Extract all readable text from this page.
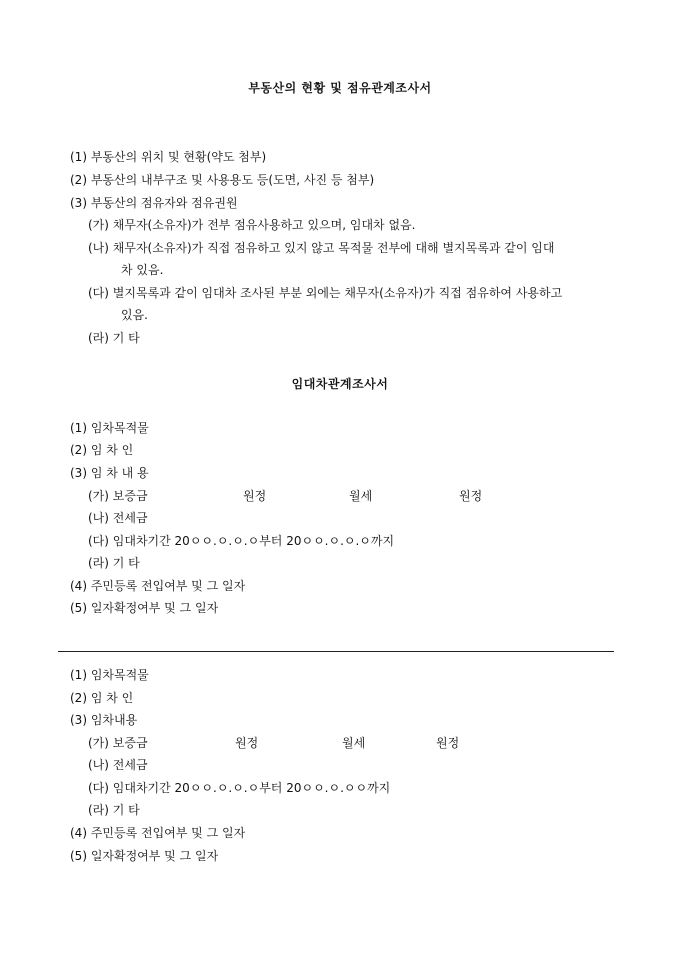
부동산의 현황 및 점유관계조사서
(1) 부동산의 위치 및 현황(약도 첨부)
(2) 부동산의 내부구조 및 사용용도 등(도면, 사진 등 첨부)
(3) 부동산의 점유자와 점유권원
(가) 채무자(소유자)가 전부 점유사용하고 있으며, 임대차 없음.
(나) 채무자(소유자)가 직접 점유하고 있지 않고 목적물 전부에 대해 별지목록과 같이 임대
차 있음.
(다) 별지목록과 같이 임대차 조사된 부분 외에는 채무자(소유자)가 직접 점유하여 사용하고
있음.
(라) 기 타
임대차관계조사서
(1) 임차목적물
(2) 임 차 인
(3) 임 차 내 용
(가) 보증금	원정	월세	원정
(나) 전세금
(다) 임대차기간 20ㅇㅇ.ㅇ.ㅇ.ㅇ부터 20ㅇㅇ.ㅇ.ㅇ.ㅇ까지
(라) 기 타
(4) 주민등록 전입여부 및 그 일자
(5) 일자확정여부 및 그 일자
(1) 임차목적물
(2) 임 차 인
(3) 임차내용
(가) 보증금	원정	월세	원정
(나) 전세금
(다) 임대차기간 20ㅇㅇ.ㅇ.ㅇ.ㅇ부터 20ㅇㅇ.ㅇ.ㅇㅇ까지
(라) 기 타
(4) 주민등록 전입여부 및 그 일자
(5) 일자확정여부 및 그 일자
